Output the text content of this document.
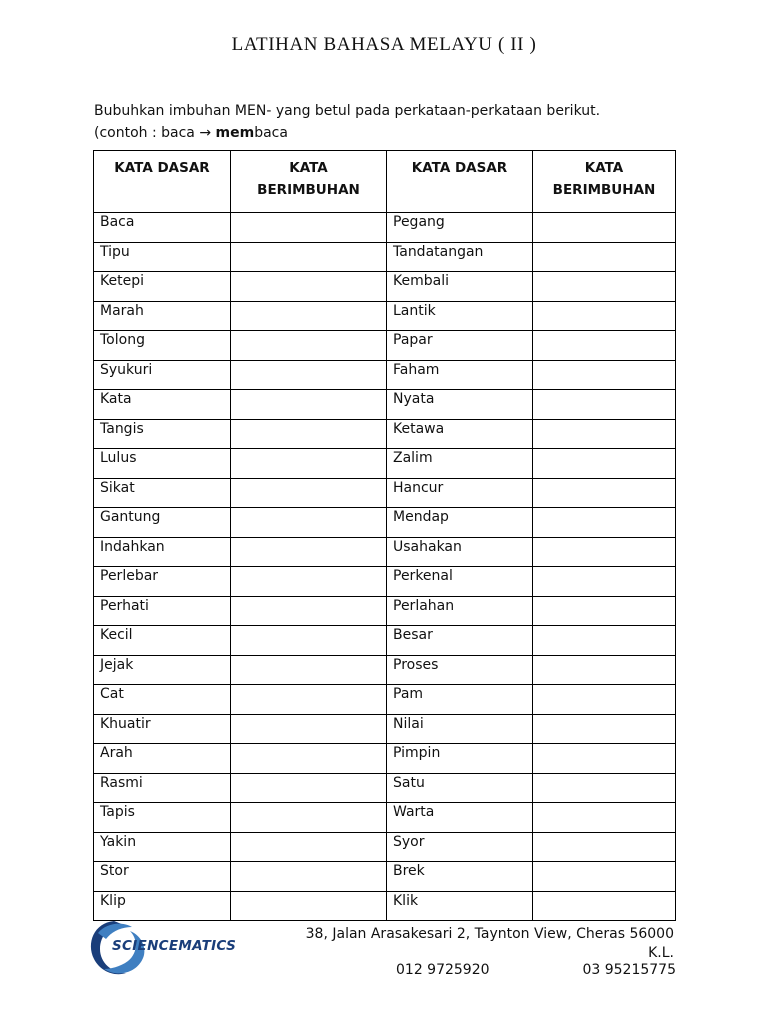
LATIHAN BAHASA MELAYU ( II )
Bubuhkan imbuhan MEN- yang betul pada perkataan-perkataan berikut.
(contoh : baca → membaca
KATA DASAR	KATA BERIMBUHAN	KATA DASAR	KATA BERIMBUHAN
Baca		Pegang	
Tipu		Tandatangan	
Ketepi		Kembali	
Marah		Lantik	
Tolong		Papar	
Syukuri		Faham	
Kata		Nyata	
Tangis		Ketawa	
Lulus		Zalim	
Sikat		Hancur	
Gantung		Mendap	
Indahkan		Usahakan	
Perlebar		Perkenal	
Perhati		Perlahan	
Kecil		Besar	
Jejak		Proses	
Cat		Pam	
Khuatir		Nilai	
Arah		Pimpin	
Rasmi		Satu	
Tapis		Warta	
Yakin		Syor	
Stor		Brek	
Klip		Klik	
SCIENCEMATICS
38, Jalan Arasakesari 2, Taynton View, Cheras 56000
K.L.
012 9725920	03 95215775
